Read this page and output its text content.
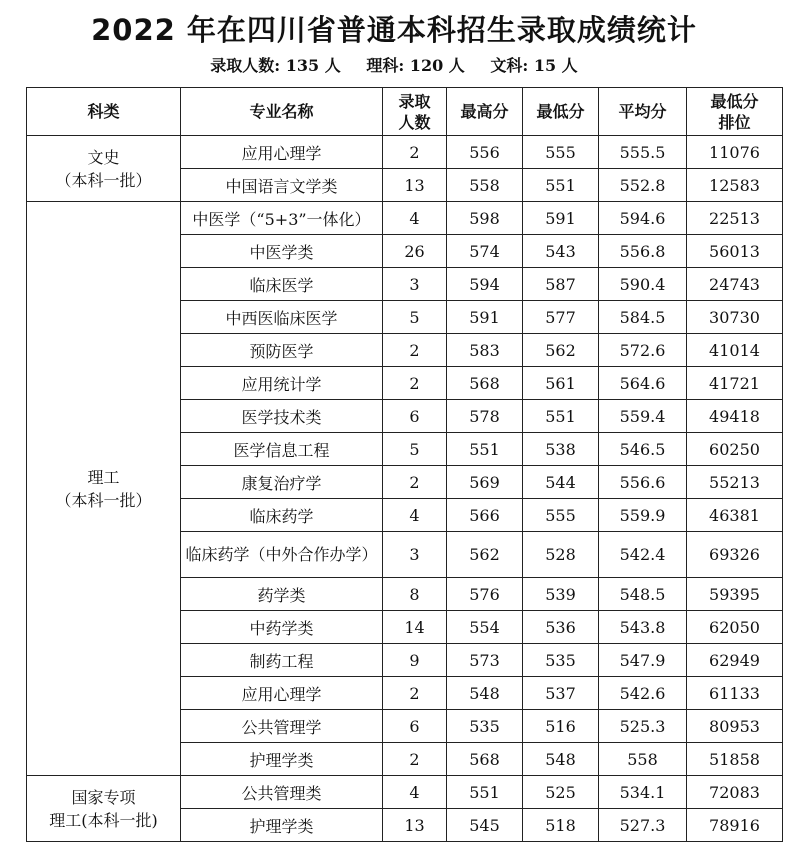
2022 年在四川省普通本科招生录取成绩统计
录取人数: 135 人 理科: 120 人 文科: 15 人
科类	专业名称	录取人数	最高分	最低分	平均分	最低分排位

文史
（本科一批）	应用心理学	2	556	555	555.5	11076
	中国语言文学类	13	558	551	552.8	12583

理工
（本科一批）	中医学（“5+3”一体化）	4	598	591	594.6	22513
	中医学类	26	574	543	556.8	56013
	临床医学	3	594	587	590.4	24743
	中西医临床医学	5	591	577	584.5	30730
	预防医学	2	583	562	572.6	41014
	应用统计学	2	568	561	564.6	41721
	医学技术类	6	578	551	559.4	49418
	医学信息工程	5	551	538	546.5	60250
	康复治疗学	2	569	544	556.6	55213
	临床药学	4	566	555	559.9	46381
	临床药学（中外合作办学）	3	562	528	542.4	69326
	药学类	8	576	539	548.5	59395
	中药学类	14	554	536	543.8	62050
	制药工程	9	573	535	547.9	62949
	应用心理学	2	548	537	542.6	61133
	公共管理学	6	535	516	525.3	80953
	护理学类	2	568	548	558	51858

国家专项
理工(本科一批)	公共管理类	4	551	525	534.1	72083
	护理学类	13	545	518	527.3	78916
